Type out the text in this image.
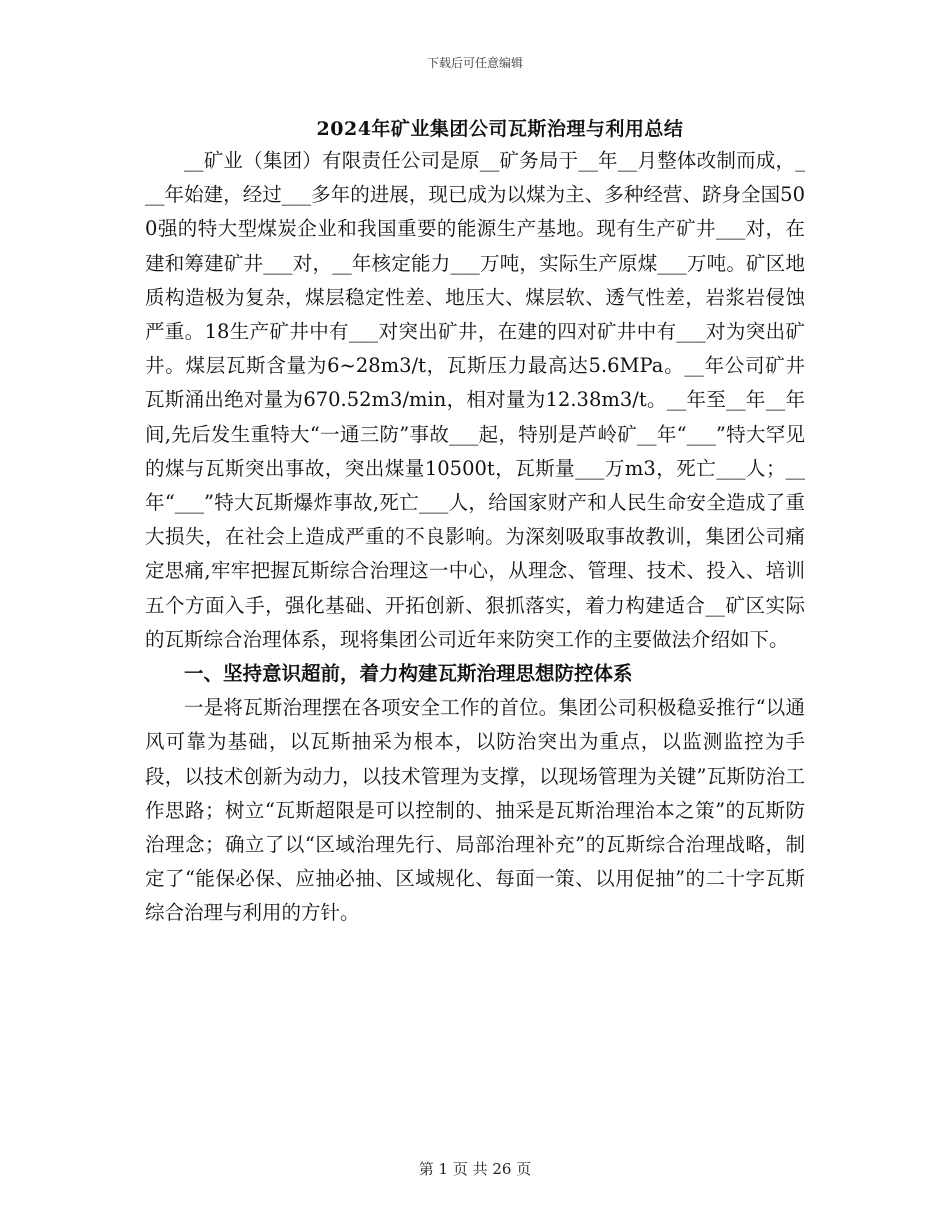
下载后可任意编辑
2024年矿业集团公司瓦斯治理与利用总结

__矿业（集团）有限责任公司是原__矿务局于__年__月整体改制而成，___年始建，经过___多年的进展，现已成为以煤为主、多种经营、跻身全国500强的特大型煤炭企业和我国重要的能源生产基地。现有生产矿井___对，在建和筹建矿井___对，__年核定能力___万吨，实际生产原煤___万吨。矿区地质构造极为复杂，煤层稳定性差、地压大、煤层软、透气性差，岩浆岩侵蚀严重。18生产矿井中有___对突出矿井，在建的四对矿井中有___对为突出矿井。煤层瓦斯含量为6~28m3/t，瓦斯压力最高达5.6MPa。__年公司矿井瓦斯涌出绝对量为670.52m3/min，相对量为12.38m3/t。__年至__年__年间,先后发生重特大“一通三防”事故___起，特别是芦岭矿__年“___”特大罕见的煤与瓦斯突出事故，突出煤量10500t，瓦斯量___万m3，死亡___人；__年“___”特大瓦斯爆炸事故,死亡___人，给国家财产和人民生命安全造成了重大损失，在社会上造成严重的不良影响。为深刻吸取事故教训，集团公司痛定思痛,牢牢把握瓦斯综合治理这一中心，从理念、管理、技术、投入、培训五个方面入手，强化基础、开拓创新、狠抓落实，着力构建适合__矿区实际的瓦斯综合治理体系，现将集团公司近年来防突工作的主要做法介绍如下。

一、坚持意识超前，着力构建瓦斯治理思想防控体系

一是将瓦斯治理摆在各项安全工作的首位。集团公司积极稳妥推行“以通风可靠为基础，以瓦斯抽采为根本，以防治突出为重点，以监测监控为手段，以技术创新为动力，以技术管理为支撑，以现场管理为关键”瓦斯防治工作思路；树立“瓦斯超限是可以控制的、抽采是瓦斯治理治本之策”的瓦斯防治理念；确立了以“区域治理先行、局部治理补充”的瓦斯综合治理战略，制定了“能保必保、应抽必抽、区域规化、每面一策、以用促抽”的二十字瓦斯综合治理与利用的方针。

第 1 页 共 26 页
